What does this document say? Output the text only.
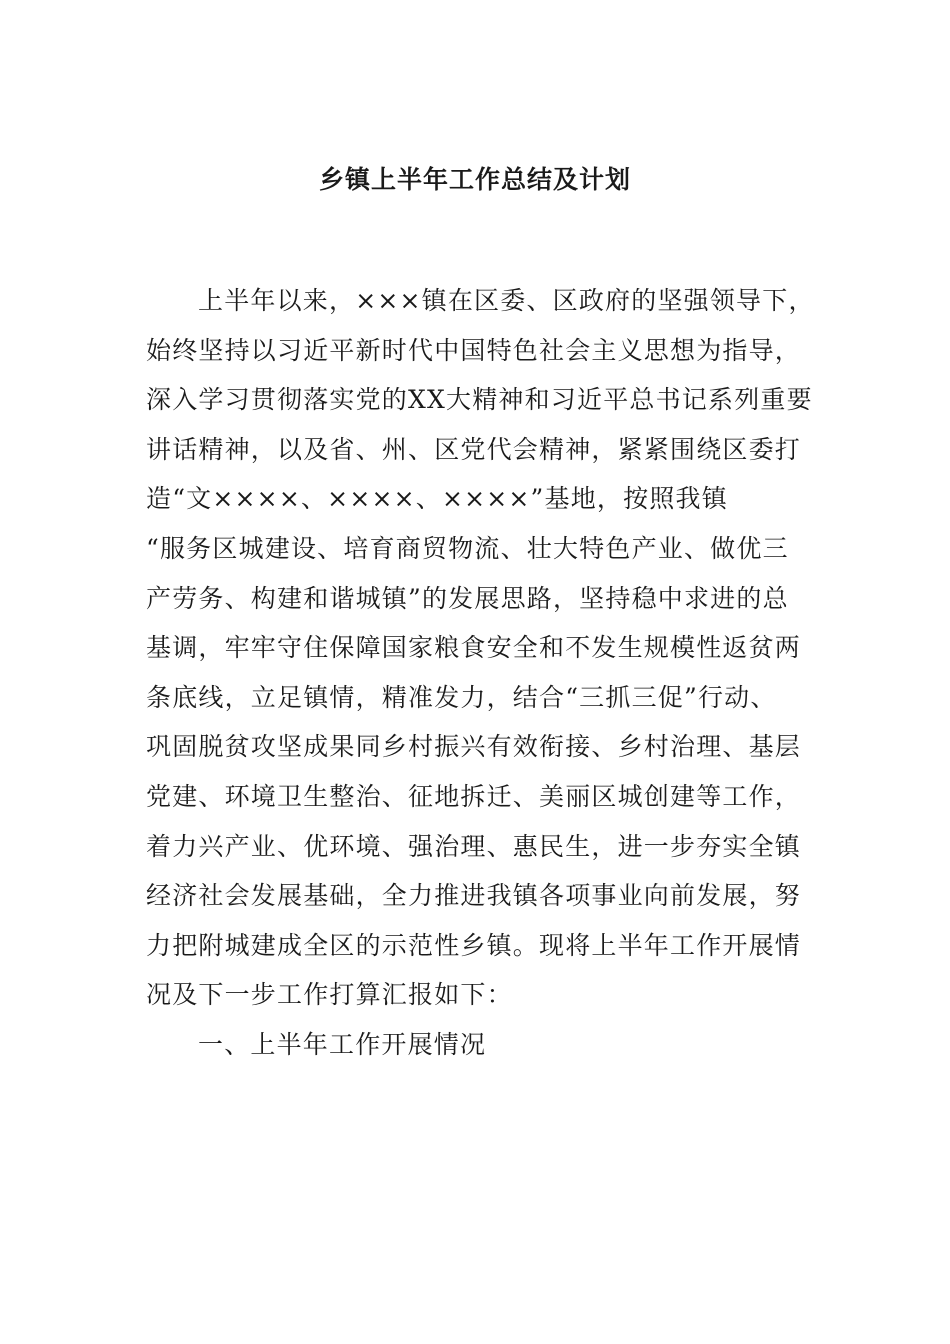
乡镇上半年工作总结及计划
上半年以来，×××镇在区委、区政府的坚强领导下，
始终坚持以习近平新时代中国特色社会主义思想为指导，
深入学习贯彻落实党的XX大精神和习近平总书记系列重要
讲话精神，以及省、州、区党代会精神，紧紧围绕区委打
造“文××××、××××、××××”基地，按照我镇
“服务区城建设、培育商贸物流、壮大特色产业、做优三
产劳务、构建和谐城镇”的发展思路，坚持稳中求进的总
基调，牢牢守住保障国家粮食安全和不发生规模性返贫两
条底线，立足镇情，精准发力，结合“三抓三促”行动、
巩固脱贫攻坚成果同乡村振兴有效衔接、乡村治理、基层
党建、环境卫生整治、征地拆迁、美丽区城创建等工作，
着力兴产业、优环境、强治理、惠民生，进一步夯实全镇
经济社会发展基础，全力推进我镇各项事业向前发展，努
力把附城建成全区的示范性乡镇。现将上半年工作开展情
况及下一步工作打算汇报如下：
一、上半年工作开展情况
